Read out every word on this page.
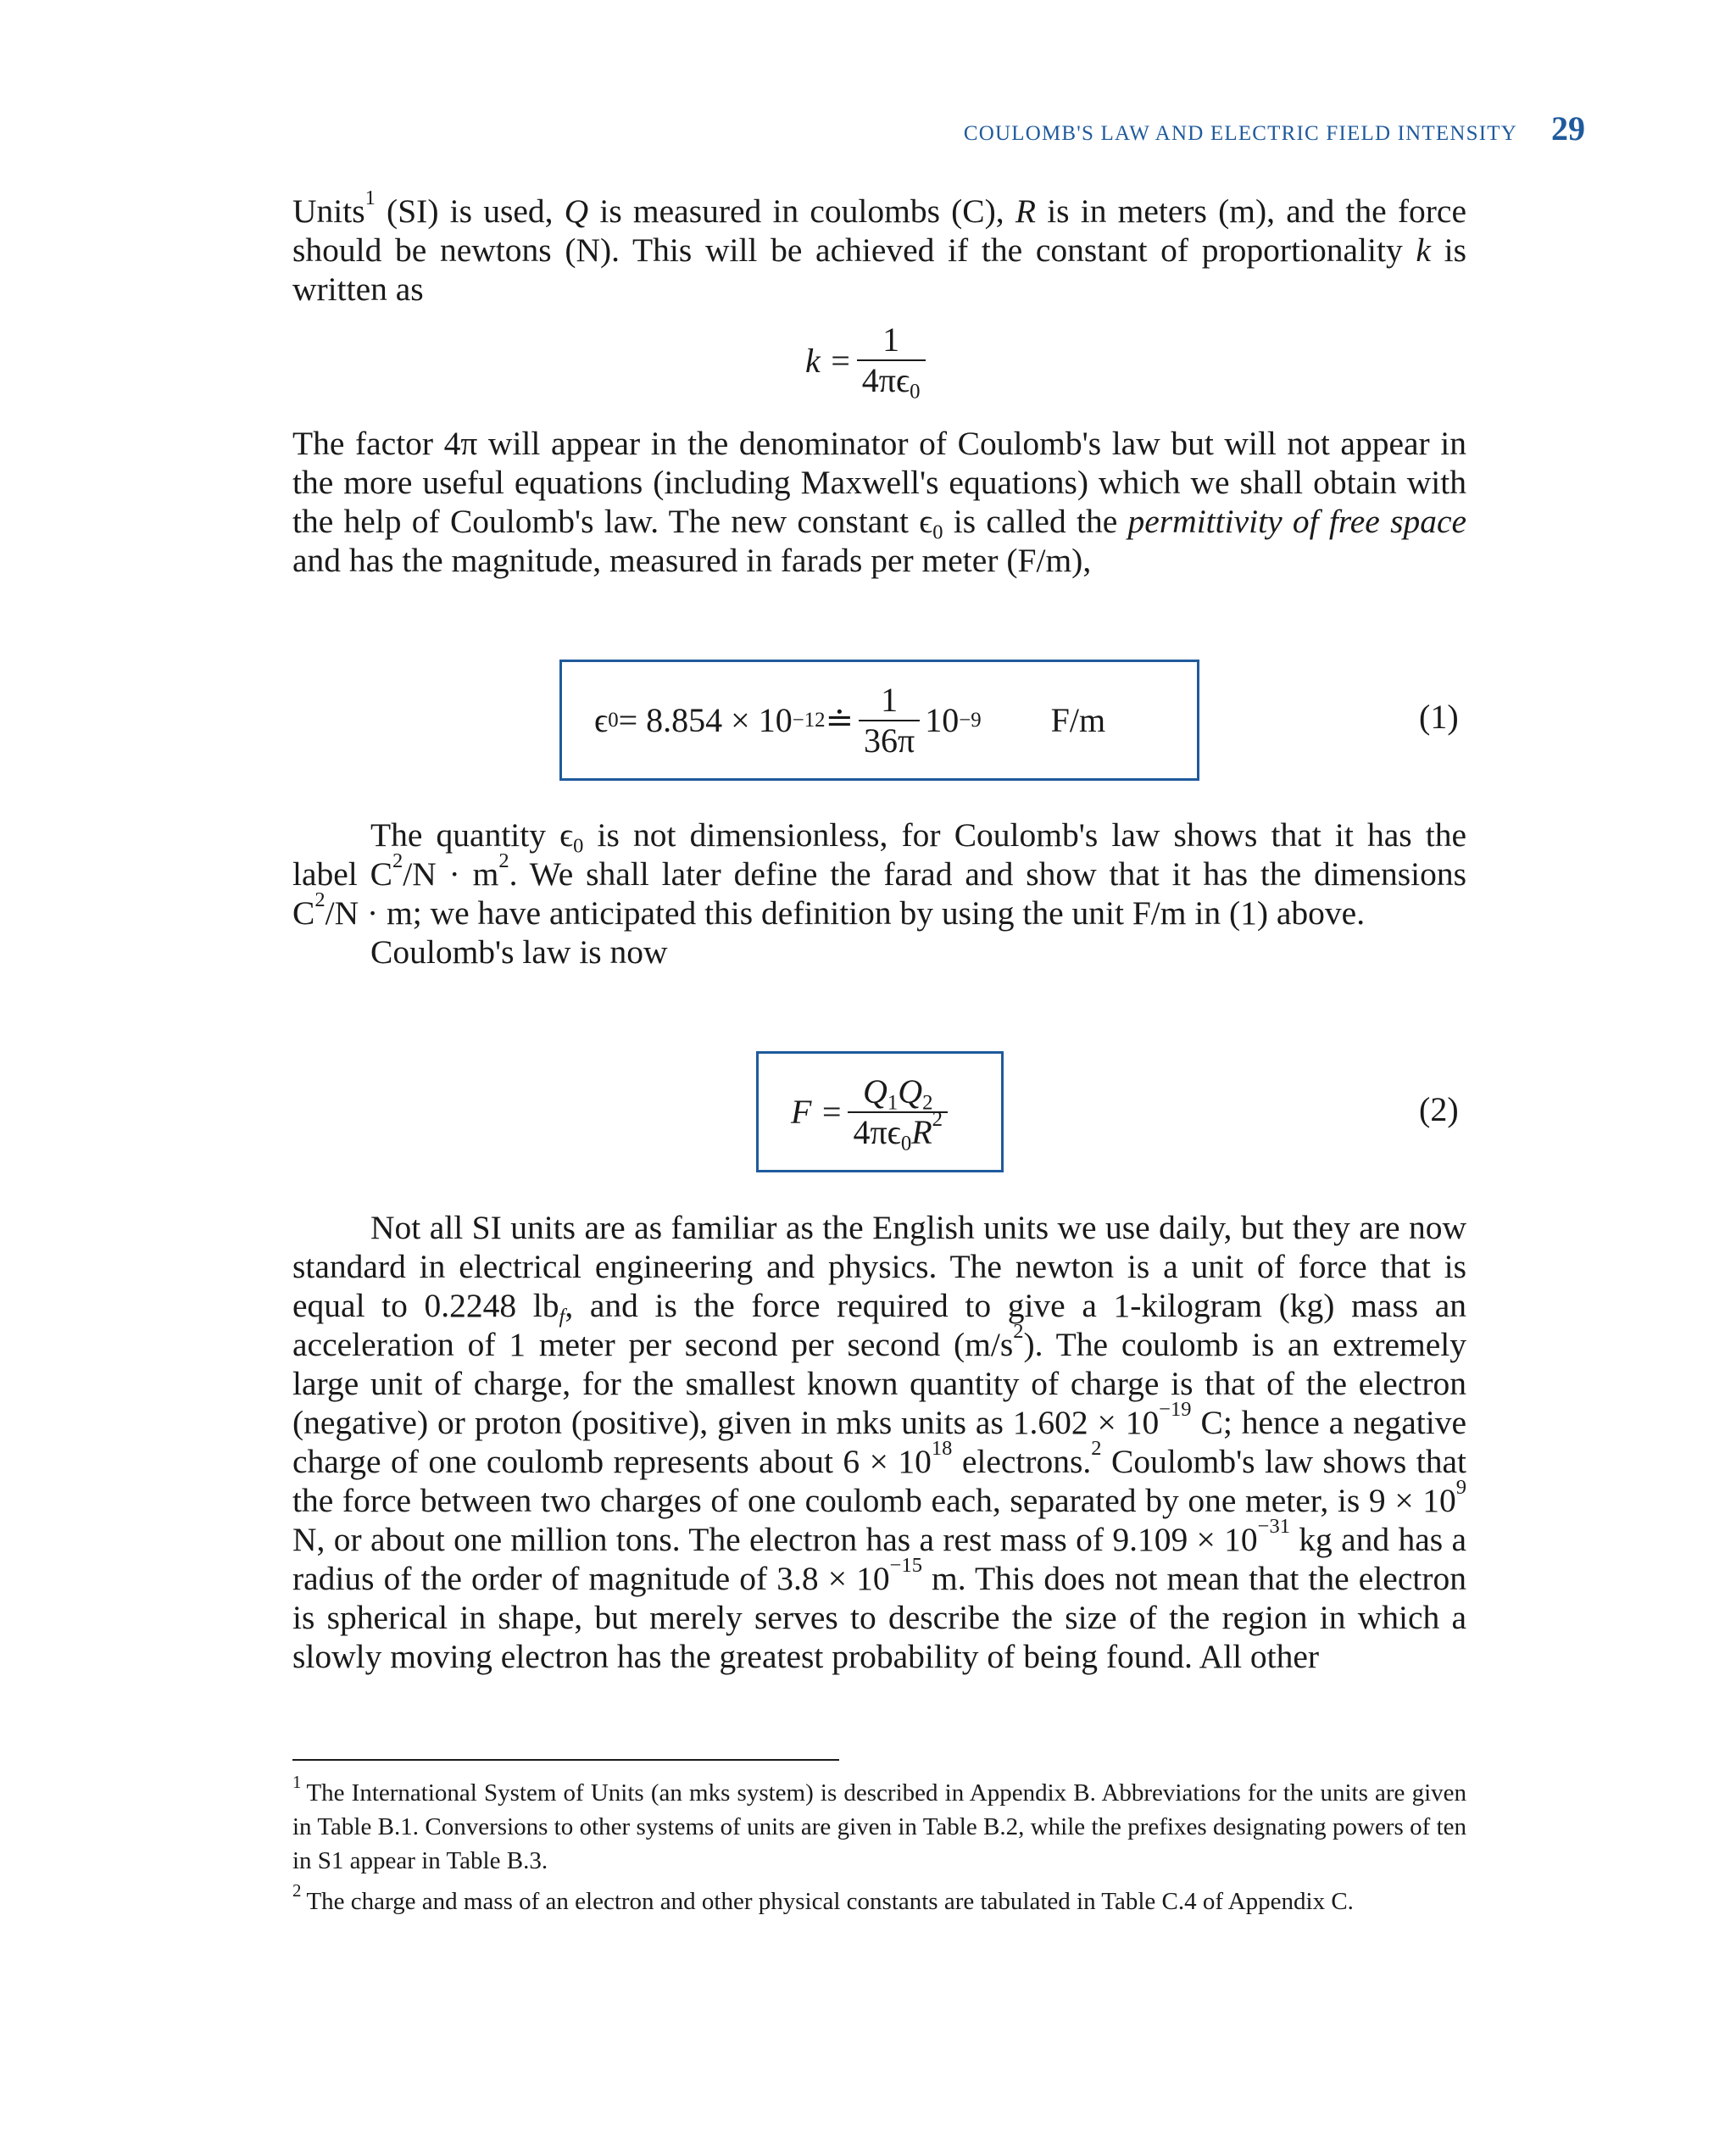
COULOMB'S LAW AND ELECTRIC FIELD INTENSITY 29

Units$^1$ (SI) is used, Q is measured in coulombs (C), R is in meters (m), and the force should be newtons (N). This will be achieved if the constant of proportionality k is written as

$k = \frac{1}{4\pi\epsilon_0}$

The factor 4π will appear in the denominator of Coulomb's law but will not appear in the more useful equations (including Maxwell's equations) which we shall obtain with the help of Coulomb's law. The new constant $\epsilon_0$ is called the permittivity of free space and has the magnitude, measured in farads per meter (F/m),

ϵ 0 = 8.854 × 10 −12 ≐ $\frac{1}{36\pi} 10 -9$ F/m	(1)

The quantity $\epsilon_0$ is not dimensionless, for Coulomb's law shows that it has the label $C^2/N \cdot m^2$. We shall later define the farad and show that it has the dimensions $C^2/N \cdot m$; we have anticipated this definition by using the unit F/m in (1) above.

Coulomb's law is now

$F = \frac{Q_1Q_2}{4\pi\epsilon_0R^2}$	(2)

Not all SI units are as familiar as the English units we use daily, but they are now standard in electrical engineering and physics. The newton is a unit of force that is equal to 0.2248 $lb_f$, and is the force required to give a 1-kilogram (kg) mass an acceleration of 1 meter per second per second $(m/s^2)$. The coulomb is an extremely large unit of charge, for the smallest known quantity of charge is that of the electron (negative) or proton (positive), given in mks units as $1.602 \times 10^{-19}$ C; hence a negative charge of one coulomb represents about $6 \times 10^{18}$ electrons.$^2$ Coulomb's law shows that the force between two charges of one coulomb each, separated by one meter, is $9 \times 10^9$ N, or about one million tons. The electron has a rest mass of $9.109 \times 10^{-31}$ kg and has a radius of the order of magnitude of $3.8 \times 10^{-15}$ m. This does not mean that the electron is spherical in shape, but merely serves to describe the size of the region in which a slowly moving electron has the greatest probability of being found. All other

$^1$ The International System of Units (an mks system) is described in Appendix B. Abbreviations for the units are given in Table B.1. Conversions to other systems of units are given in Table B.2, while the prefixes designating powers of ten in S1 appear in Table B.3.

$^2$ The charge and mass of an electron and other physical constants are tabulated in Table C.4 of Appendix C.
